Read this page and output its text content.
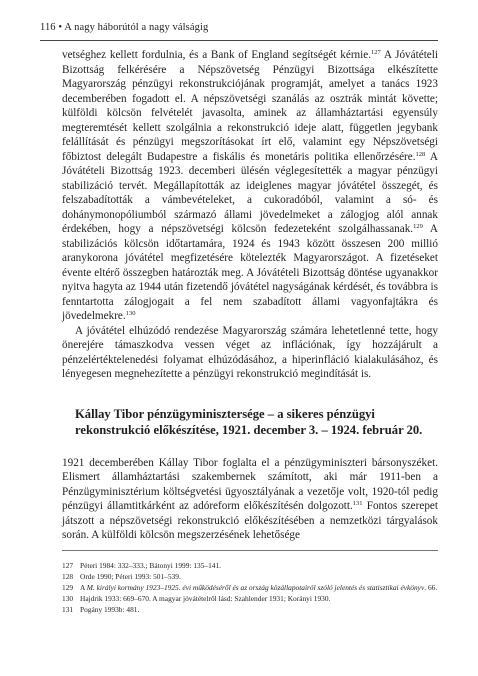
116 • A nagy háborútól a nagy válságig

vetséghez kellett fordulnia, és a Bank of England segítségét kérnie.$^{127}$ A Jóvátételi Bizottság felkérésére a Népszövetség Pénzügyi Bizottsága elkészítette Magyarország pénzügyi rekonstrukciójának programját, amelyet a tanács 1923 decemberében fogadott el. A népszövetségi szanálás az osztrák mintát követte; külföldi kölcsön felvételét javasolta, aminek az államháztartási egyensúly megteremtését kellett szolgálnia a rekonstrukció ideje alatt, független jegybank felállítását és pénzügyi megszorításokat írt elő, valamint egy Népszövetségi főbiztost delegált Budapestre a fiskális és monetáris politika ellenőrzésére.$^{128}$ A Jóvátételi Bizottság 1923. decemberi ülésén véglegesítették a magyar pénzügyi stabilizáció tervét. Megállapították az ideiglenes magyar jóvátétel összegét, és felszabadították a vámbevételeket, a cukoradóból, valamint a só- és dohánymonopóliumból származó állami jövedelmeket a zálogjog alól annak érdekében, hogy a népszövetségi kölcsön fedezeteként szolgálhassanak.$^{129}$ A stabilizációs kölcsön időtartamára, 1924 és 1943 között összesen 200 millió aranykorona jóvátétel megfizetésére kötelezték Magyarországot. A fizetéseket évente eltérő összegben határozták meg. A Jóvátételi Bizottság döntése ugyanakkor nyitva hagyta az 1944 után fizetendő jóvátétel nagyságának kérdését, és továbbra is fenntartotta zálogjogait a fel nem szabadított állami vagyonfajtákra és jövedelmekre.$^{130}$

A jóvátétel elhúzódó rendezése Magyarország számára lehetetlenné tette, hogy önerejére támaszkodva vessen véget az inflációnak, így hozzájárult a pénzelértéktelenedési folyamat elhúzódásához, a hiperinfláció kialakulásához, és lényegesen megnehezítette a pénzügyi rekonstrukció megindítását is.

Kállay Tibor pénzügyminisztersége – a sikeres pénzügyi rekonstrukció előkészítése, 1921. december 3. – 1924. február 20.

1921 decemberében Kállay Tibor foglalta el a pénzügyminiszteri bársonyszéket. Elismert államháztartási szakembernek számított, aki már 1911-ben a Pénzügyminisztérium költségvetési ügyosztályának a vezetője volt, 1920-tól pedig pénzügyi államtitkárként az adóreform előkészítésén dolgozott.$^{131}$ Fontos szerepet játszott a népszövetségi rekonstrukció előkészítésében a nemzetközi tárgyalások során. A külföldi kölcsön megszerzésének lehetősége

127 Péteri 1984: 332–333.; Bátonyi 1999: 135–141.
128 Orde 1990; Péteri 1993: 501–539.
129 A M. királyi kormány 1923–1925. évi működéséről és az ország közállapotairól szóló jelentés és statisztikai évkönyv. 66.
130 Hajdrik 1933: 669–670. A magyar jóvátételről lásd: Szahlender 1931; Korányi 1930.
131 Pogány 1993b: 481.
